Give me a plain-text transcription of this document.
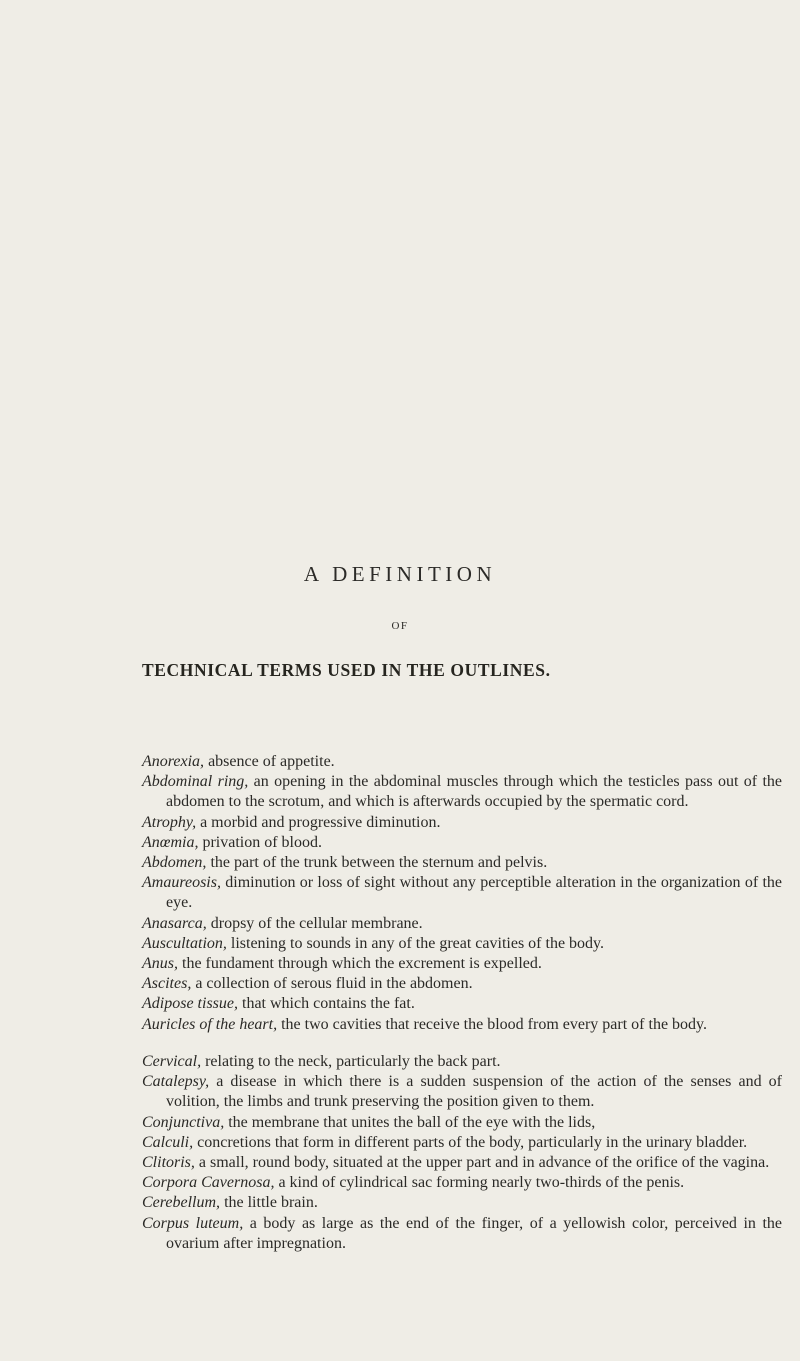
A DEFINITION
OF
TECHNICAL TERMS USED IN THE OUTLINES.

Anorexia, absence of appetite.

Abdominal ring, an opening in the abdominal muscles through which the testicles pass out of the abdomen to the scrotum, and which is afterwards occupied by the spermatic cord.

Atrophy, a morbid and progressive diminution.

Anœmia, privation of blood.

Abdomen, the part of the trunk between the sternum and pelvis.

Amaureosis, diminution or loss of sight without any perceptible alteration in the organization of the eye.

Anasarca, dropsy of the cellular membrane.

Auscultation, listening to sounds in any of the great cavities of the body.

Anus, the fundament through which the excrement is expelled.

Ascites, a collection of serous fluid in the abdomen.

Adipose tissue, that which contains the fat.

Auricles of the heart, the two cavities that receive the blood from every part of the body.

Cervical, relating to the neck, particularly the back part.

Catalepsy, a disease in which there is a sudden suspension of the action of the senses and of volition, the limbs and trunk preserving the position given to them.

Conjunctiva, the membrane that unites the ball of the eye with the lids,

Calculi, concretions that form in different parts of the body, particularly in the urinary bladder.

Clitoris, a small, round body, situated at the upper part and in advance of the orifice of the vagina.

Corpora Cavernosa, a kind of cylindrical sac forming nearly two-thirds of the penis.

Cerebellum, the little brain.

Corpus luteum, a body as large as the end of the finger, of a yellowish color, perceived in the ovarium after impregnation.
